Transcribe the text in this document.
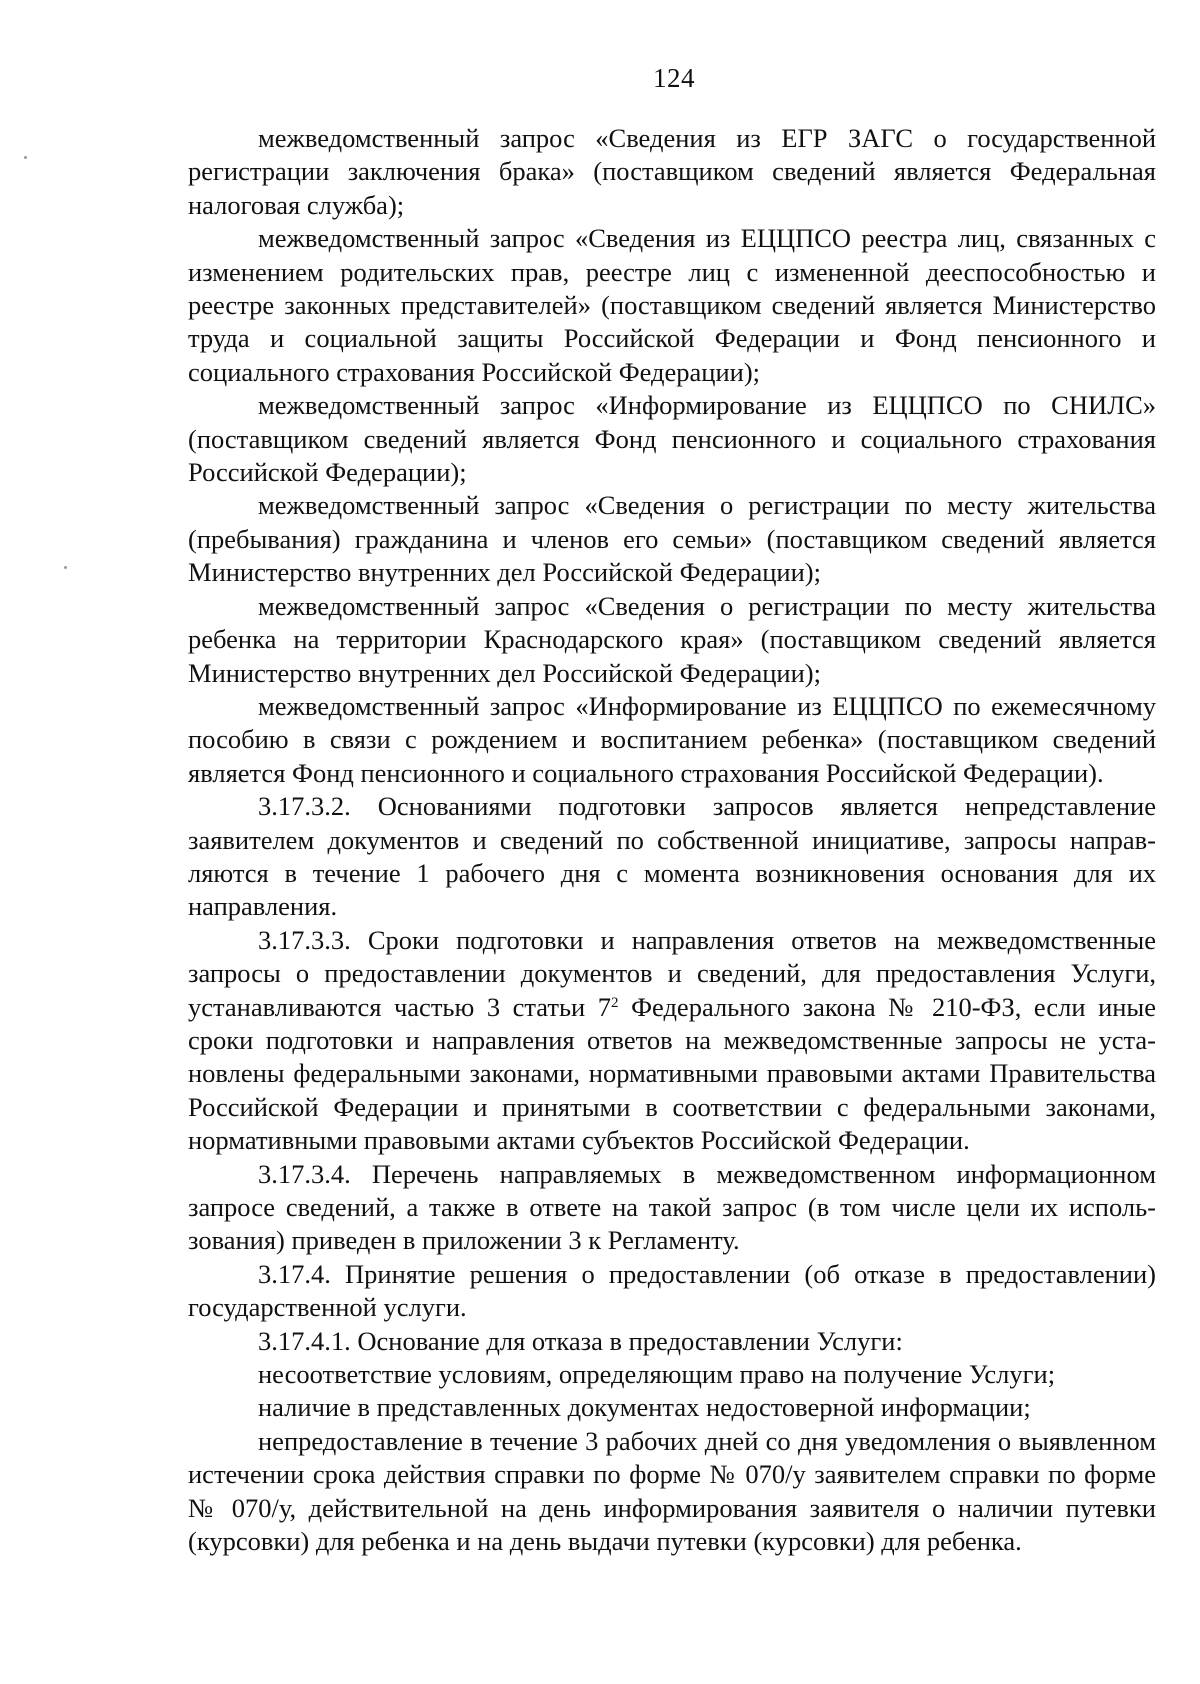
124

межведомственный запрос «Сведения из ЕГР ЗАГС о государственной регистрации заключения брака» (поставщиком сведений является Федеральная налоговая служба);

межведомственный запрос «Сведения из ЕЦЦПСО реестра лиц, связанных с изменением родительских прав, реестре лиц с измененной дееспособностью и реестре законных представителей» (поставщиком сведений является Министерство труда и социальной защиты Российской Федерации и Фонд пенсионного и социального страхования Российской Федерации);

межведомственный запрос «Информирование из ЕЦЦПСО по СНИЛС» (поставщиком сведений является Фонд пенсионного и социального страхования Российской Федерации);

межведомственный запрос «Сведения о регистрации по месту жительства (пребывания) гражданина и членов его семьи» (поставщиком сведений является Министерство внутренних дел Российской Федерации);

межведомственный запрос «Сведения о регистрации по месту жительства ребенка на территории Краснодарского края» (поставщиком сведений является Министерство внутренних дел Российской Федерации);

межведомственный запрос «Информирование из ЕЦЦПСО по ежемесячному пособию в связи с рождением и воспитанием ребенка» (поставщиком сведений является Фонд пенсионного и социального страхования Российской Федерации).

3.17.3.2. Основаниями подготовки запросов является непредставление заявителем документов и сведений по собственной инициативе, запросы направляются в течение 1 рабочего дня с момента возникновения основания для их направления.

3.17.3.3. Сроки подготовки и направления ответов на межведомственные запросы о предоставлении документов и сведений, для предоставления Услуги, устанавливаются частью 3 статьи $7^2$ Федерального закона № 210-ФЗ, если иные сроки подготовки и направления ответов на межведомственные запросы не установлены федеральными законами, нормативными правовыми актами Правительства Российской Федерации и принятыми в соответствии с федеральными законами, нормативными правовыми актами субъектов Российской Федерации.

3.17.3.4. Перечень направляемых в межведомственном информационном запросе сведений, а также в ответе на такой запрос (в том числе цели их использования) приведен в приложении 3 к Регламенту.

3.17.4. Принятие решения о предоставлении (об отказе в предоставлении) государственной услуги.

3.17.4.1. Основание для отказа в предоставлении Услуги:

несоответствие условиям, определяющим право на получение Услуги;

наличие в представленных документах недостоверной информации;

непредоставление в течение 3 рабочих дней со дня уведомления о выявленном истечении срока действия справки по форме № 070/у заявителем справки по форме № 070/у, действительной на день информирования заявителя о наличии путевки (курсовки) для ребенка и на день выдачи путевки (курсовки) для ребенка.
